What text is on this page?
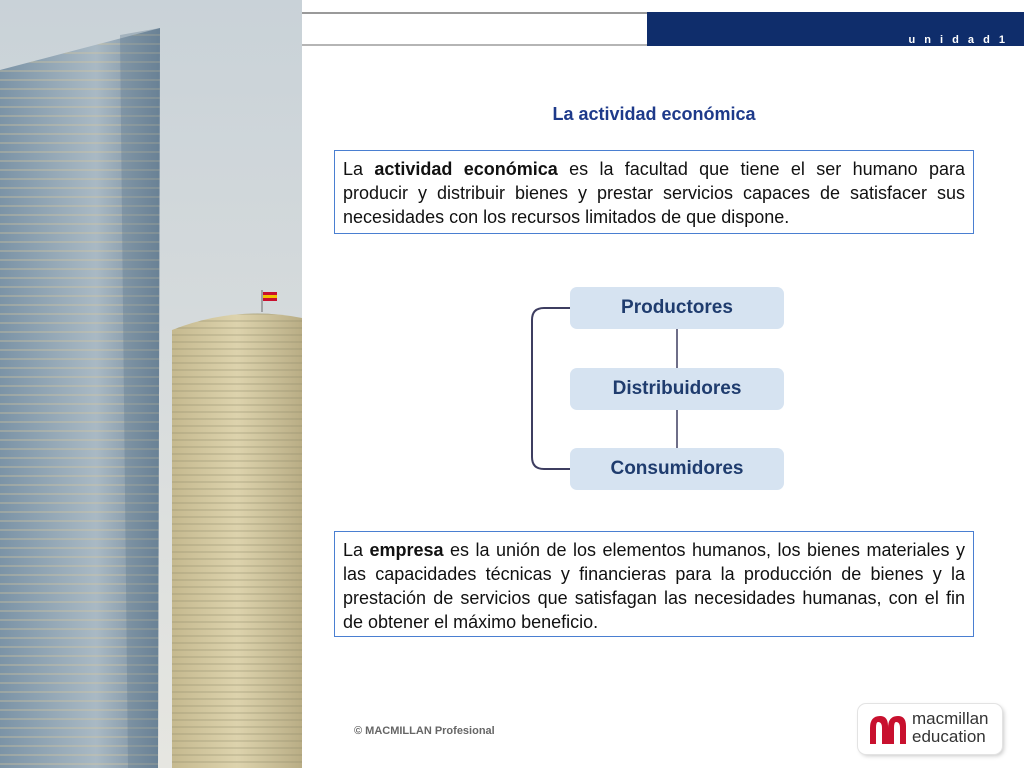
u n i d a d 1
La actividad económica
La actividad económica es la facultad que tiene el ser humano para producir y distribuir bienes y prestar servicios capaces de satisfacer sus necesidades con los recursos limitados de que dispone.
Productores
Distribuidores
Consumidores
La empresa es la unión de los elementos humanos, los bienes materiales y las capacidades técnicas y financieras para la producción de bienes y la prestación de servicios que satisfagan las necesidades humanas, con el fin de obtener el máximo beneficio.
© MACMILLAN Profesional
macmillan
education
